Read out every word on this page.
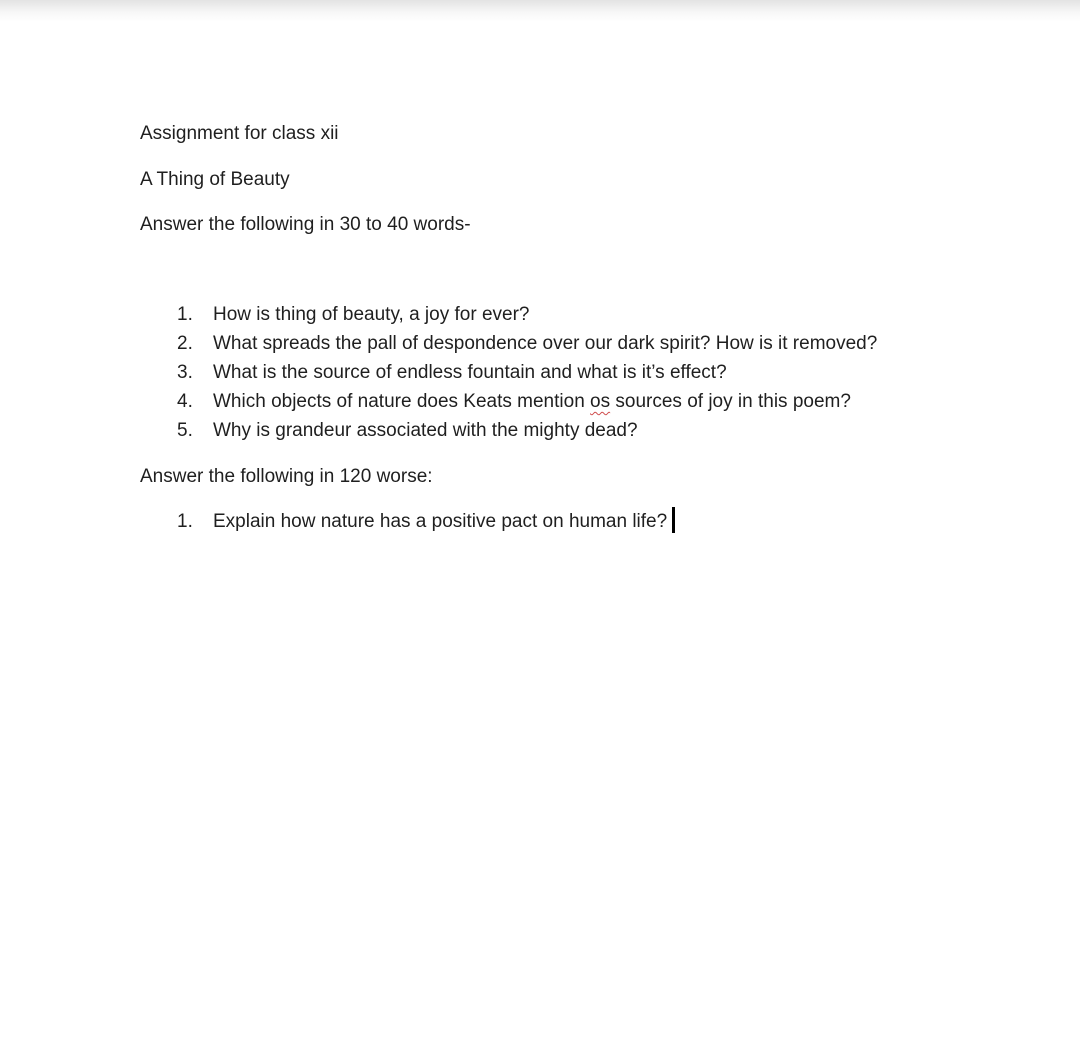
Assignment for class xii
A Thing of Beauty
Answer the following in 30 to 40 words-
1.	How is thing of beauty, a joy for ever?
2.	What spreads the pall of despondence over our dark spirit? How is it removed?
3.	What is the source of endless fountain and what is it’s effect?
4.	Which objects of nature does Keats mention os sources of joy in this poem?
5.	Why is grandeur associated with the mighty dead?
Answer the following in 120 worse:
1.	Explain how nature has a positive pact on human life?
